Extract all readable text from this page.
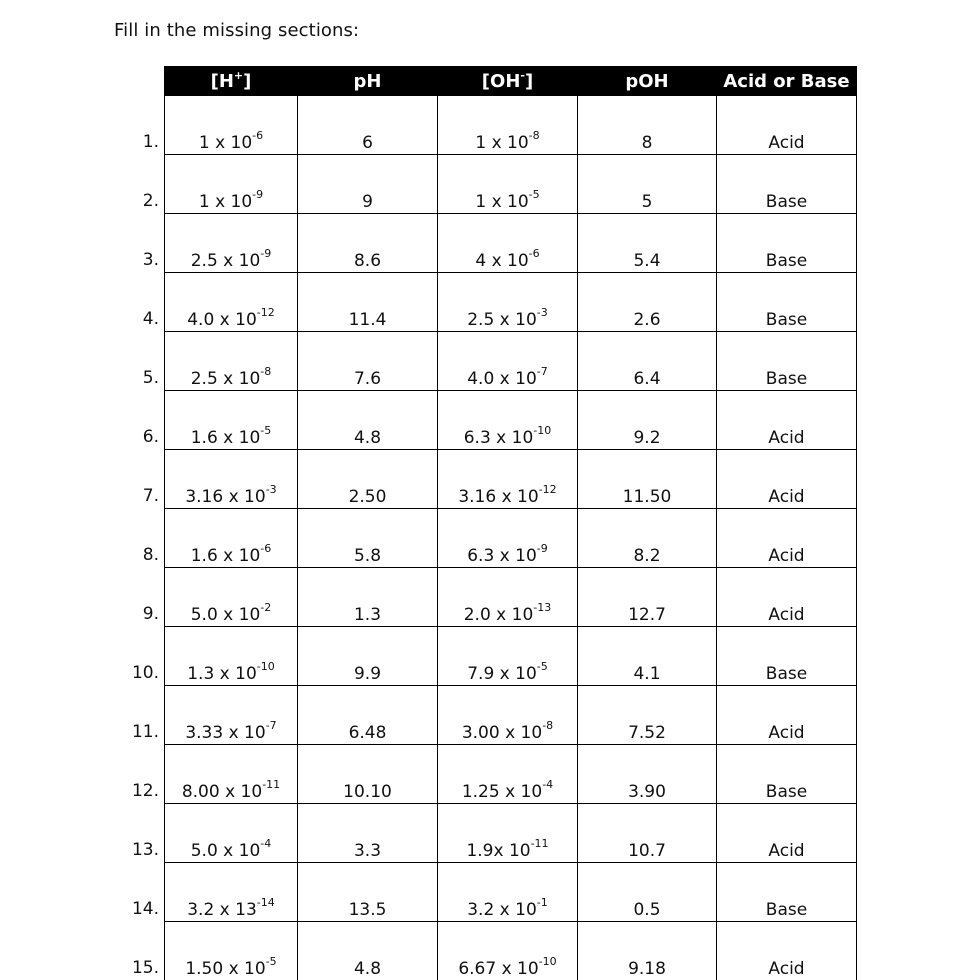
Fill in the missing sections:
[H+]	pH	[OH-]	pOH	Acid or Base

1. 1 x $10^{-6}$	6	1 x $10^{-8}$	8	Acid

2. 1 x $10^{-9}$	9	1 x $10^{-5}$	5	Base

3. 2.5 x $10^{-9}$	8.6	4 x $10^{-6}$	5.4	Base

4. 4.0 x $10^{-12}$	11.4	2.5 x $10^{-3}$	2.6	Base

5. 2.5 x $10^{-8}$	7.6	4.0 x $10^{-7}$	6.4	Base

6. 1.6 x $10^{-5}$	4.8	6.3 x $10^{-10}$	9.2	Acid

7. 3.16 x $10^{-3}$	2.50	3.16 x $10^{-12}$	11.50	Acid

8. 1.6 x $10^{-6}$	5.8	6.3 x $10^{-9}$	8.2	Acid

9. 5.0 x $10^{-2}$	1.3	2.0 x $10^{-13}$	12.7	Acid

10. 1.3 x $10^{-10}$	9.9	7.9 x $10^{-5}$	4.1	Base

11. 3.33 x $10^{-7}$	6.48	3.00 x $10^{-8}$	7.52	Acid

12. 8.00 x $10^{-11}$	10.10	1.25 x $10^{-4}$	3.90	Base

13. 5.0 x $10^{-4}$	3.3	1.9x $10^{-11}$	10.7	Acid

14. 3.2 x $13^{-14}$	13.5	3.2 x $10^{-1}$	0.5	Base

15. 1.50 x $10^{-5}$	4.8	6.67 x $10^{-10}$	9.18	Acid
